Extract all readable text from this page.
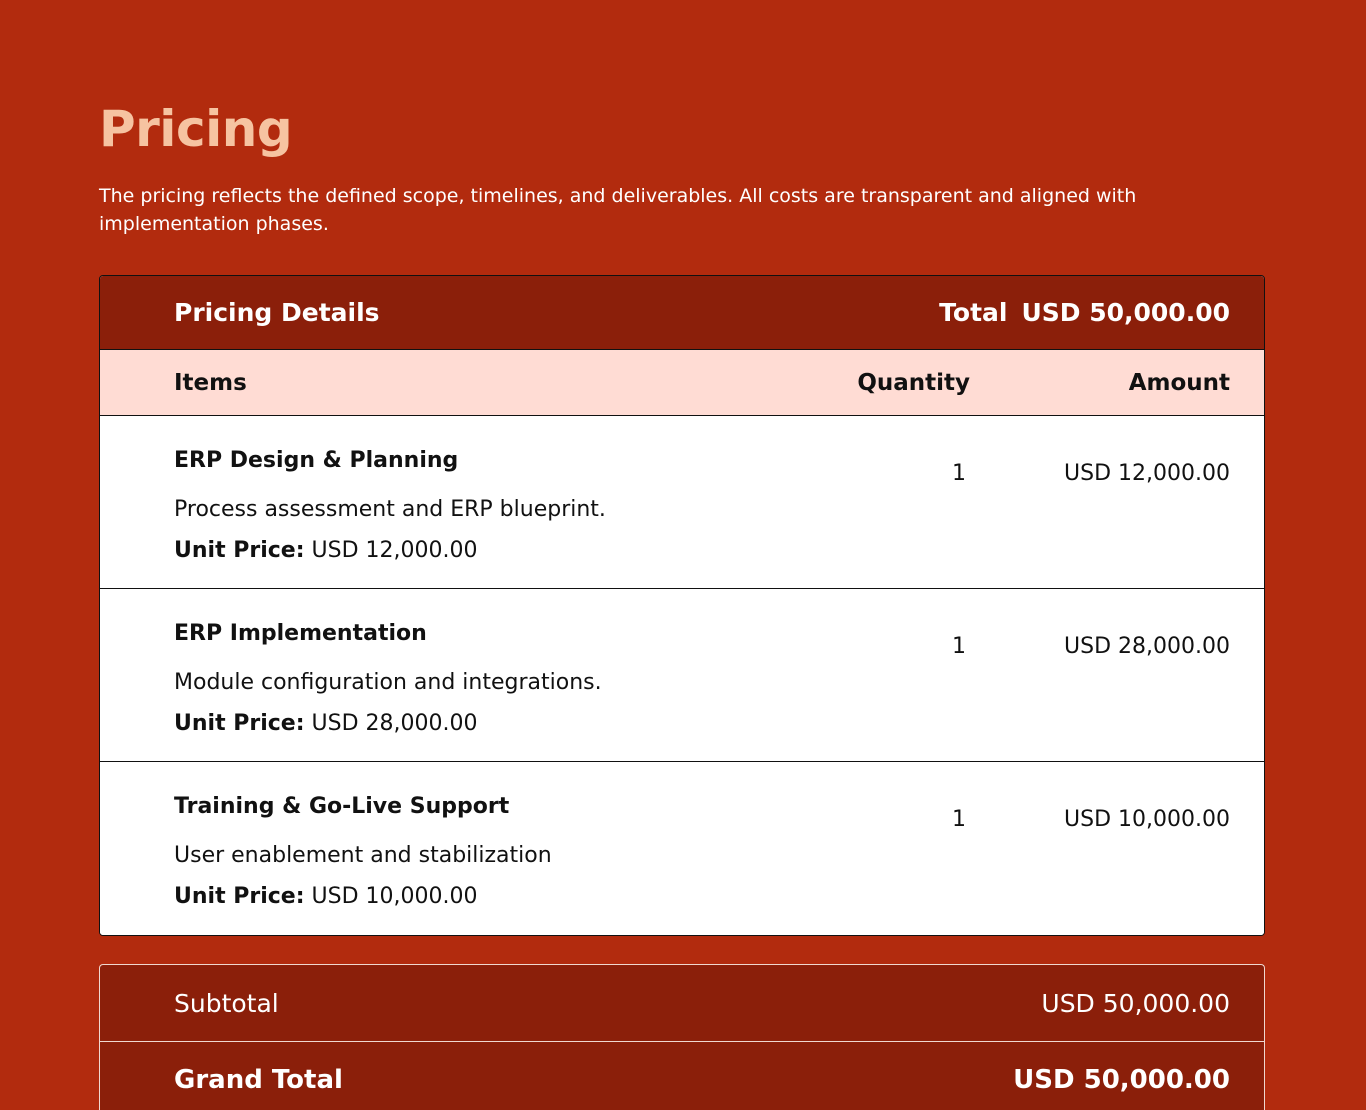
Pricing

The pricing reflects the defined scope, timelines, and deliverables. All costs are transparent and aligned with implementation phases.

Pricing Details	Total USD 50,000.00
Items	Quantity	Amount
ERP Design & Planning
Process assessment and ERP blueprint.
Unit Price: USD 12,000.00
1	USD 12,000.00
ERP Implementation
Module configuration and integrations.
Unit Price: USD 28,000.00
1	USD 28,000.00
Training & Go-Live Support
User enablement and stabilization
Unit Price: USD 10,000.00
1	USD 10,000.00
Subtotal	USD 50,000.00
Grand Total	USD 50,000.00
